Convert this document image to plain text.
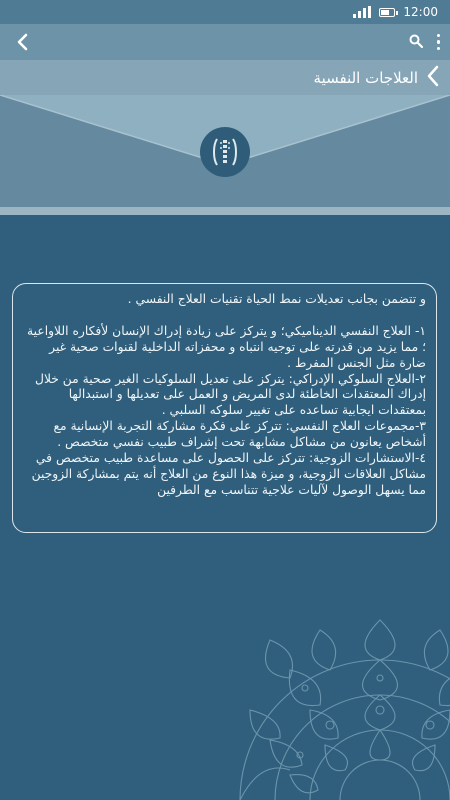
12:00
العلاجات النفسية

و تتضمن بجانب تعديلات نمط الحياة تقنيات العلاج النفسي .

١- العلاج النفسي الديناميكي؛ و يتركز على زيادة إدراك الإنسان لأفكاره اللاواعية ؛ مما يزيد من قدرته على توجيه انتباه و محفزاته الداخلية لقنوات صحية غير ضارة مثل الجنس المفرط .

٢-العلاج السلوكي الإدراكي: يتركز على تعديل السلوكيات الغير صحية من خلال إدراك المعتقدات الخاطئة لدى المريض و العمل على تعديلها و استبدالها بمعتقدات ايجابية تساعده على تغيير سلوكه السلبي .

٣-مجموعات العلاج النفسي: تتركز على فكرة مشاركة التجربة الإنسانية مع أشخاص يعانون من مشاكل مشابهة تحت إشراف طبيب نفسي متخصص .

٤-الاستشارات الزوجية: تتركز على الحصول على مساعدة طبيب متخصص في مشاكل العلاقات الزوجية، و ميزة هذا النوع من العلاج أنه يتم بمشاركة الزوجين مما يسهل الوصول لآليات علاجية تتناسب مع الطرفين
